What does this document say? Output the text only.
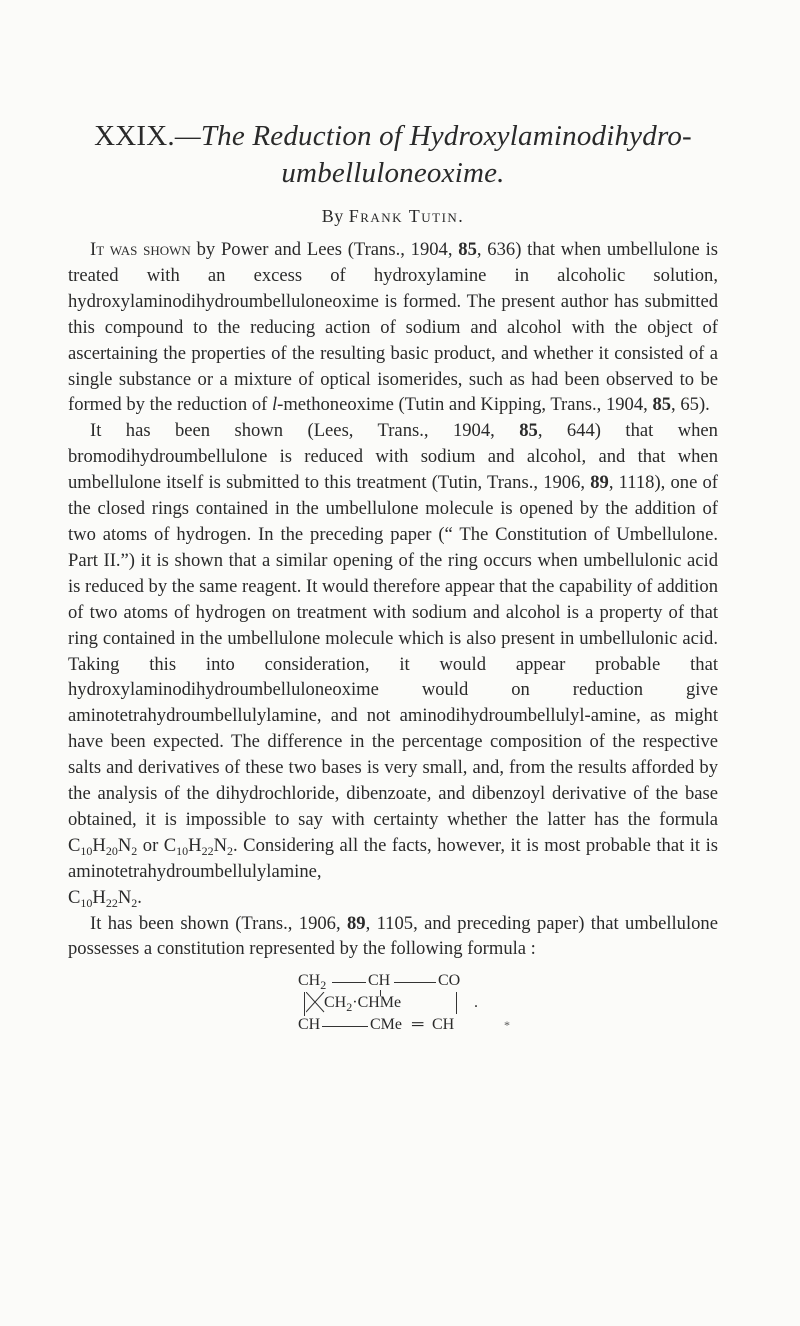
XXIX.—The Reduction of Hydroxylaminodihydro-
umbelluloneoxime.
By Frank Tutin.

It was shown by Power and Lees (Trans., 1904, 85, 636) that when umbellulone is treated with an excess of hydroxylamine in alcoholic solution, hydroxylaminodihydroumbelluloneoxime is formed. The present author has submitted this compound to the reducing action of sodium and alcohol with the object of ascertaining the properties of the resulting basic product, and whether it consisted of a single substance or a mixture of optical isomerides, such as had been observed to be formed by the reduction of l-methoneoxime (Tutin and Kipping, Trans., 1904, 85, 65).

It has been shown (Lees, Trans., 1904, 85, 644) that when bromodihydroumbellulone is reduced with sodium and alcohol, and that when umbellulone itself is submitted to this treatment (Tutin, Trans., 1906, 89, 1118), one of the closed rings contained in the umbellulone molecule is opened by the addition of two atoms of hydrogen. In the preceding paper (“ The Constitution of Umbellulone. Part II.”) it is shown that a similar opening of the ring occurs when umbellulonic acid is reduced by the same reagent. It would therefore appear that the capability of addition of two atoms of hydrogen on treatment with sodium and alcohol is a property of that ring contained in the umbellulone molecule which is also present in umbellulonic acid. Taking this into consideration, it would appear probable that hydroxylaminodihydroumbelluloneoxime would on reduction give aminotetrahydroumbellulylamine, and not aminodihydroumbellulyl-amine, as might have been expected. The difference in the percentage composition of the respective salts and derivatives of these two bases is very small, and, from the results afforded by the analysis of the dihydrochloride, dibenzoate, and dibenzoyl derivative of the base obtained, it is impossible to say with certainty whether the latter has the formula $C_{10}H_{20}N_2$ or $C_{10}H_{22}N_2$. Considering all the facts, however, it is most probable that it is aminotetrahydroumbellulylamine,
$C_{10}H_{22}N_2$.

It has been shown (Trans., 1906, 89, 1105, and preceding paper) that umbellulone possesses a constitution represented by the following formula :

$CH_2$	CH	CO
$CH_2\cdot CHMe$	.
CH	CMe ═ CH	*
